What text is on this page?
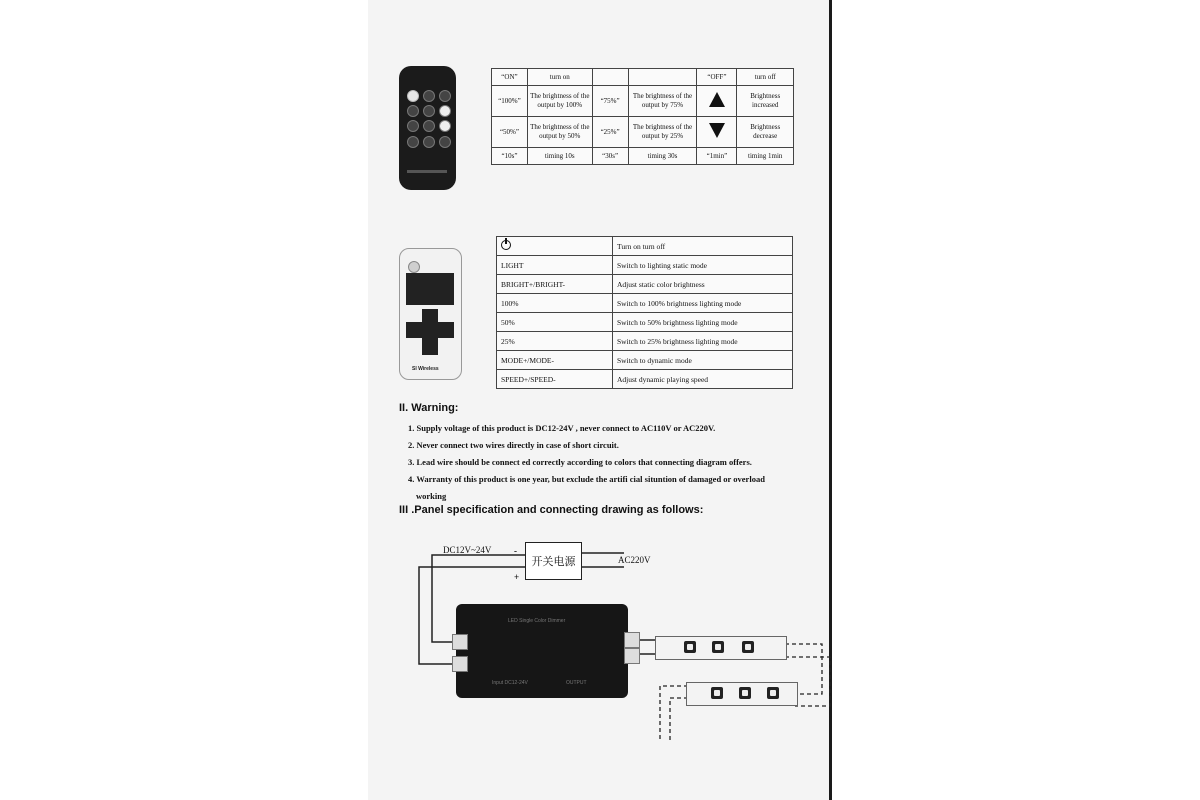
“ON”	turn on			“OFF”	turn off
“100%”	The brightness of the output by 100%	“75%”	The brightness of the output by 75%		Brightness increased
“50%”	The brightness of the output by 50%	“25%”	The brightness of the output by 25%		Brightness decrease
“10s”	timing 10s	“30s”	timing 30s	“1min”	timing 1min
SI Wireless
	Turn on turn off
LIGHT	Switch to lighting static mode
BRIGHT+/BRIGHT-	Adjust static color brightness
100%	Switch to 100% brightness lighting mode
50%	Switch to 50% brightness lighting mode
25%	Switch to 25% brightness lighting mode
MODE+/MODE-	Switch to dynamic mode
SPEED+/SPEED-	Adjust dynamic playing speed
II. Warning:
1. Supply voltage of this product is DC12-24V , never connect to AC110V or AC220V.
2. Never connect two wires directly in case of short circuit.
3. Lead wire should be connect ed correctly according to colors that connecting diagram offers.
4. Warranty of this product is one year, but exclude the artifi cial situntion of damaged or overload
working
III .Panel specification and connecting drawing as follows:
DC12V~24V	-
+
开关电源	AC220V
LED Single Color Dimmer
Input DC12-24V	OUTPUT
